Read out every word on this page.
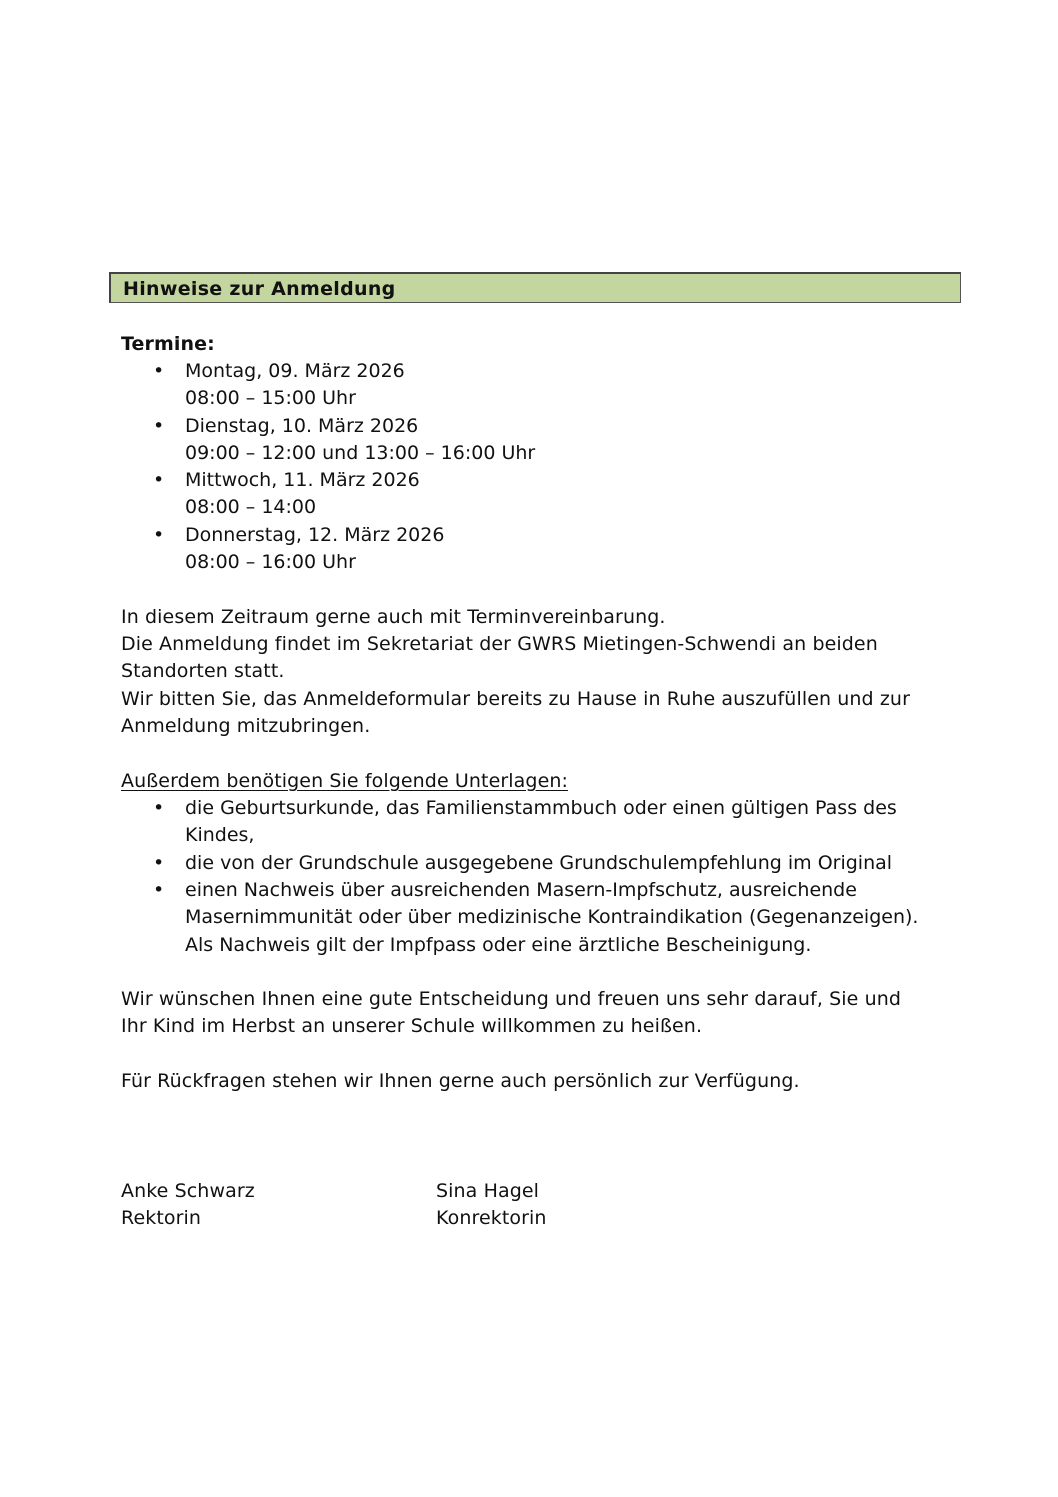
Hinweise zur Anmeldung
Termine:
• Montag, 09. März 2026
08:00 – 15:00 Uhr
• Dienstag, 10. März 2026
09:00 – 12:00 und 13:00 – 16:00 Uhr
• Mittwoch, 11. März 2026
08:00 – 14:00
• Donnerstag, 12. März 2026
08:00 – 16:00 Uhr
In diesem Zeitraum gerne auch mit Terminvereinbarung.
Die Anmeldung findet im Sekretariat der GWRS Mietingen-Schwendi an beiden
Standorten statt.
Wir bitten Sie, das Anmeldeformular bereits zu Hause in Ruhe auszufüllen und zur
Anmeldung mitzubringen.
Außerdem benötigen Sie folgende Unterlagen:
• die Geburtsurkunde, das Familienstammbuch oder einen gültigen Pass des
Kindes,
• die von der Grundschule ausgegebene Grundschulempfehlung im Original
• einen Nachweis über ausreichenden Masern-Impfschutz, ausreichende
Masernimmunität oder über medizinische Kontraindikation (Gegenanzeigen).
Als Nachweis gilt der Impfpass oder eine ärztliche Bescheinigung.
Wir wünschen Ihnen eine gute Entscheidung und freuen uns sehr darauf, Sie und
Ihr Kind im Herbst an unserer Schule willkommen zu heißen.
Für Rückfragen stehen wir Ihnen gerne auch persönlich zur Verfügung.
Anke Schwarz
Rektorin
Sina Hagel
Konrektorin
